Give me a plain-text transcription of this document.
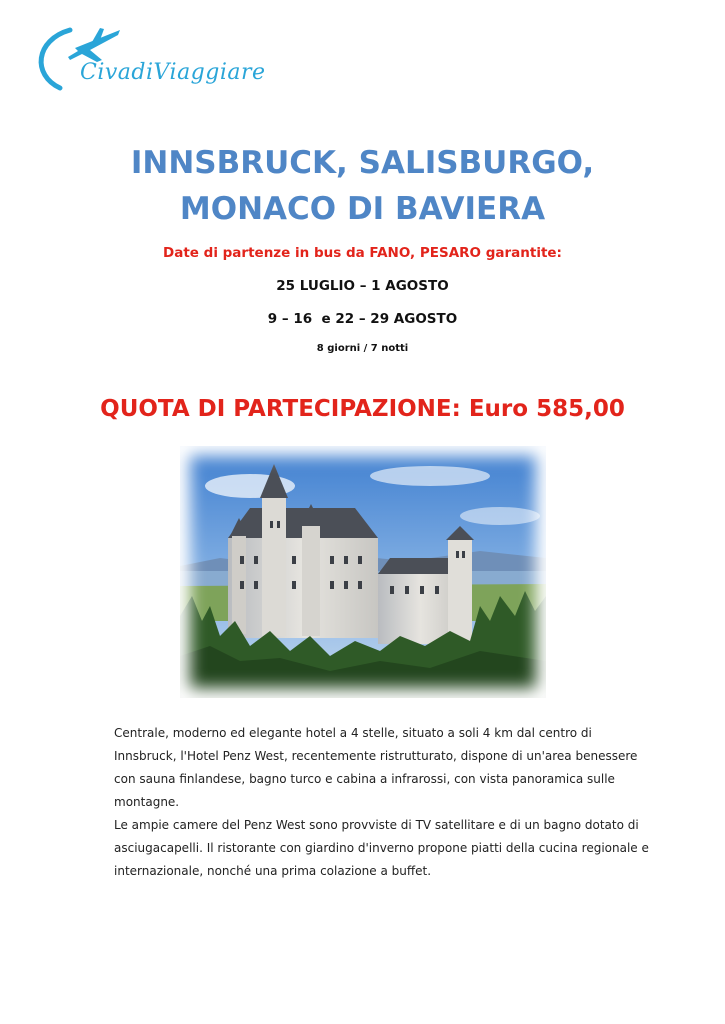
CivadiViaggiare
INNSBRUCK, SALISBURGO,
MONACO DI BAVIERA
Date di partenze in bus da FANO, PESARO garantite:
25 LUGLIO – 1 AGOSTO
9 – 16  e 22 – 29 AGOSTO
8 giorni / 7 notti
QUOTA DI PARTECIPAZIONE: Euro 585,00

Centrale, moderno ed elegante hotel a 4 stelle, situato a soli 4 km dal centro di Innsbruck, l'Hotel Penz West, recentemente ristrutturato, dispone di un'area benessere con sauna finlandese, bagno turco e cabina a infrarossi, con vista panoramica sulle montagne.

Le ampie camere del Penz West sono provviste di TV satellitare e di un bagno dotato di asciugacapelli. Il ristorante con giardino d'inverno propone piatti della cucina regionale e internazionale, nonché una prima colazione a buffet.
